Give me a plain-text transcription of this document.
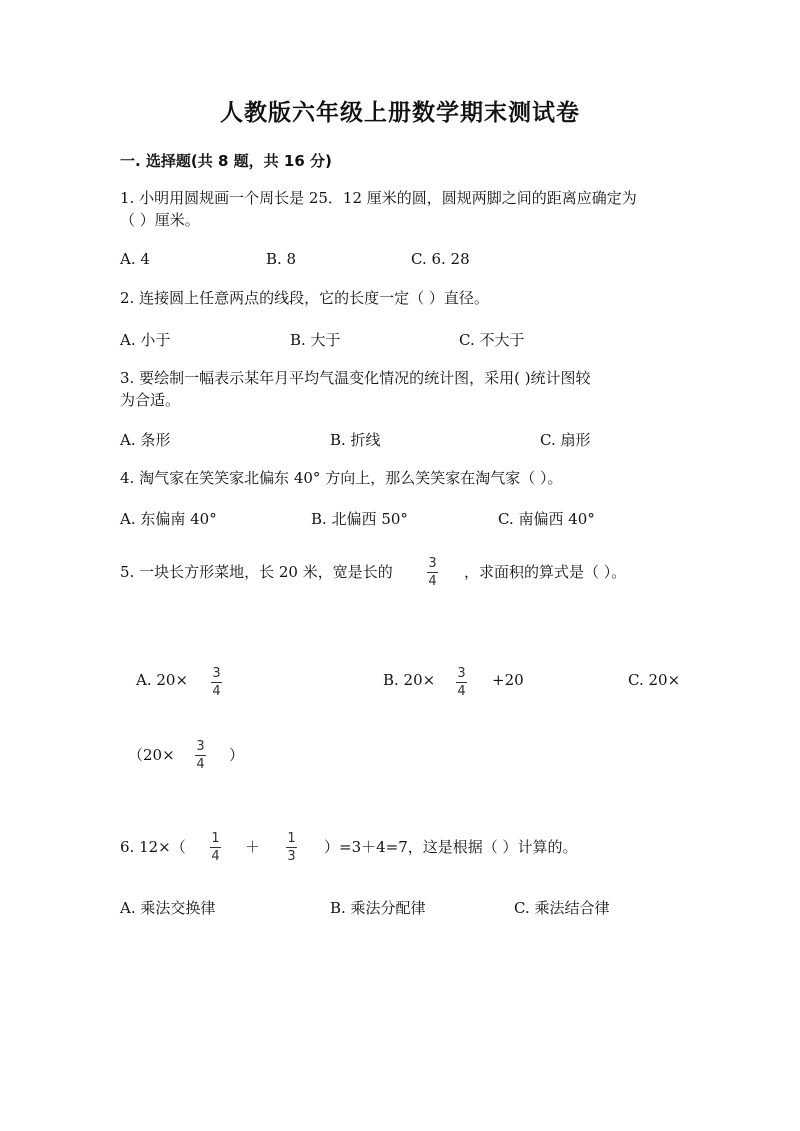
人教版六年级上册数学期末测试卷
一. 选择题(共 8 题，共 16 分)
1. 小明用圆规画一个周长是 25．12 厘米的圆，圆规两脚之间的距离应确定为
（ ）厘米。
A. 4	B. 8	C. 6. 28
2. 连接圆上任意两点的线段，它的长度一定（ ）直径。
A. 小于	B. 大于	C. 不大于
3. 要绘制一幅表示某年月平均气温变化情况的统计图，采用( )统计图较
为合适。
A. 条形	B. 折线	C. 扇形
4. 淘气家在笑笑家北偏东 40° 方向上，那么笑笑家在淘气家（ ）。
A. 东偏南 40°	B. 北偏西 50°	C. 南偏西 40°
5. 一块长方形菜地，长 20 米，宽是长的	3
4
，求面积的算式是（ ）。
A. 20× 3
4
B. 20× 3
4
+20	C. 20×
（20× 3
4
）
6. 12×（ 1
4
＋ 1
3
）=3＋4=7，这是根据（ ）计算的。
A. 乘法交换律	B. 乘法分配律	C. 乘法结合律
